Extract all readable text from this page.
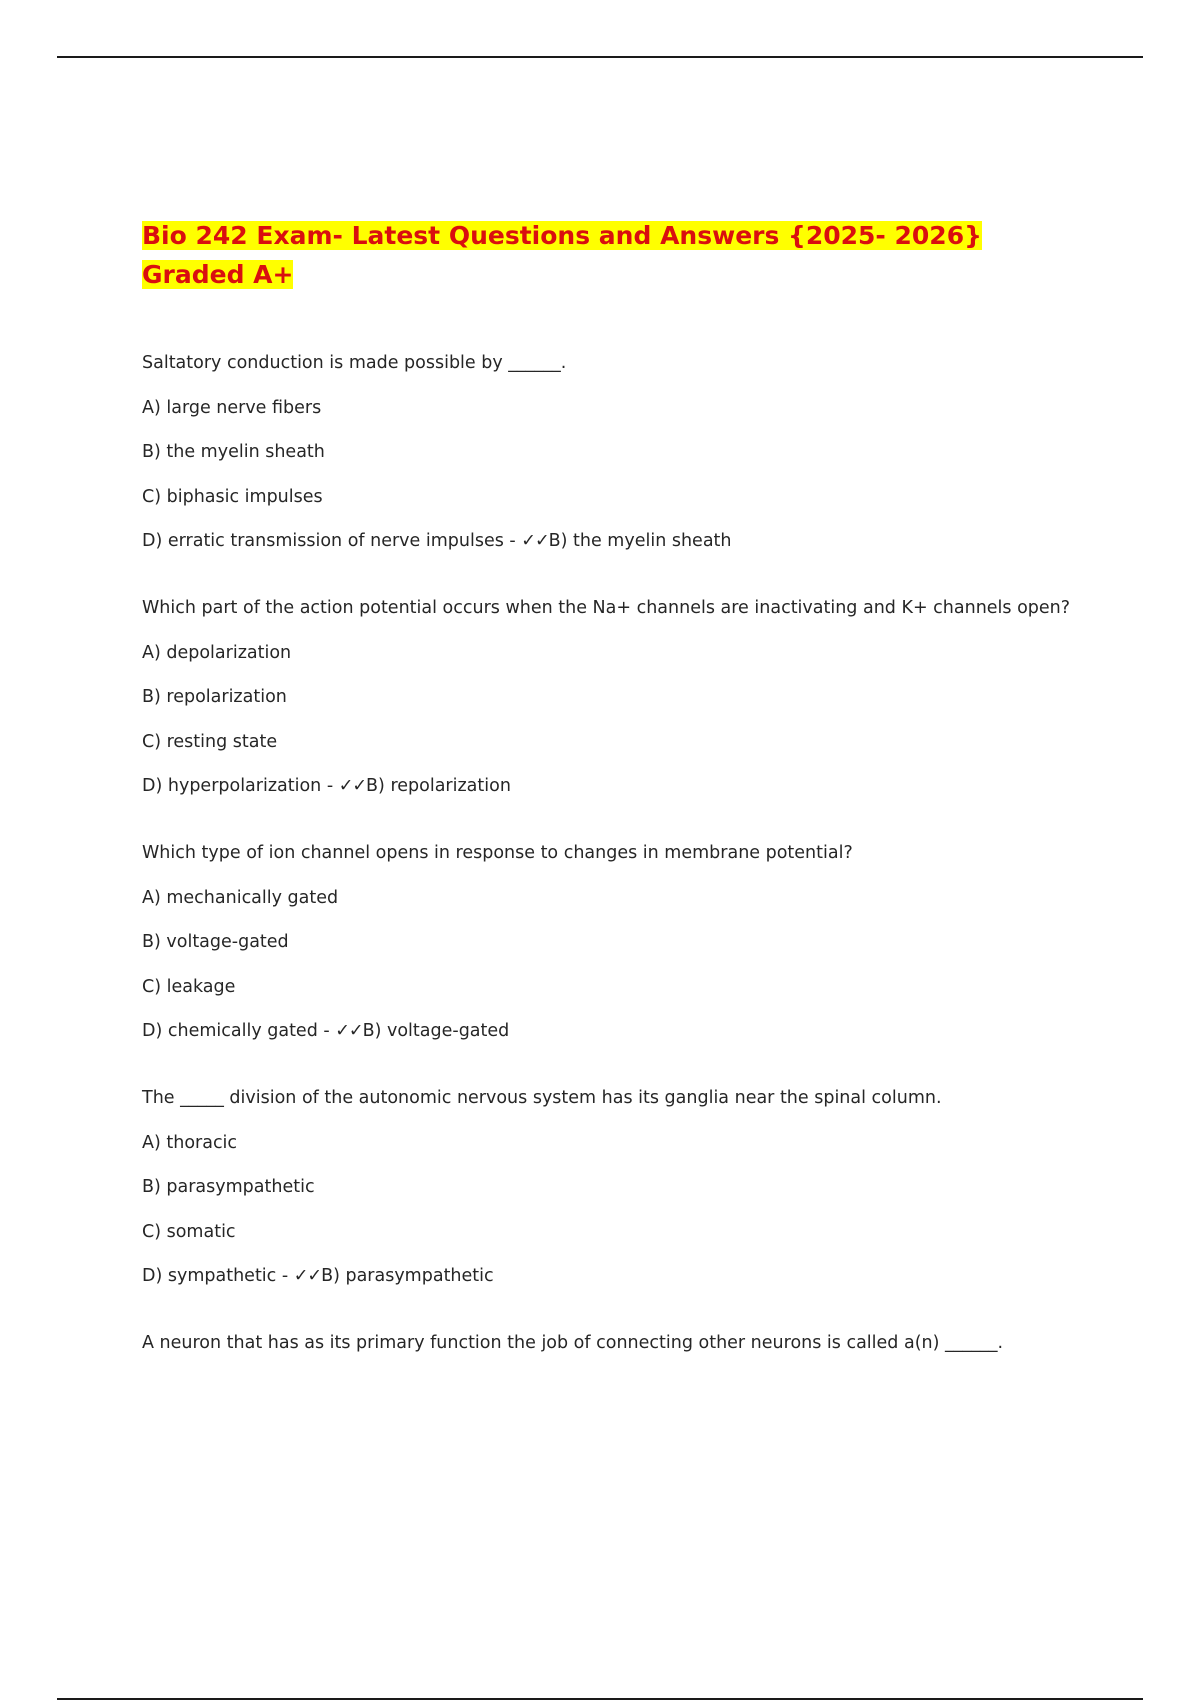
Bio 242 Exam- Latest Questions and Answers {2025- 2026}
Graded A+

Saltatory conduction is made possible by ______.
A) large nerve fibers
B) the myelin sheath
C) biphasic impulses
D) erratic transmission of nerve impulses - ✓✓B) the myelin sheath
Which part of the action potential occurs when the Na+ channels are inactivating and K+ channels open?
A) depolarization
B) repolarization
C) resting state
D) hyperpolarization - ✓✓B) repolarization
Which type of ion channel opens in response to changes in membrane potential?
A) mechanically gated
B) voltage-gated
C) leakage
D) chemically gated - ✓✓B) voltage-gated
The _____ division of the autonomic nervous system has its ganglia near the spinal column.
A) thoracic
B) parasympathetic
C) somatic
D) sympathetic - ✓✓B) parasympathetic
A neuron that has as its primary function the job of connecting other neurons is called a(n) ______.
